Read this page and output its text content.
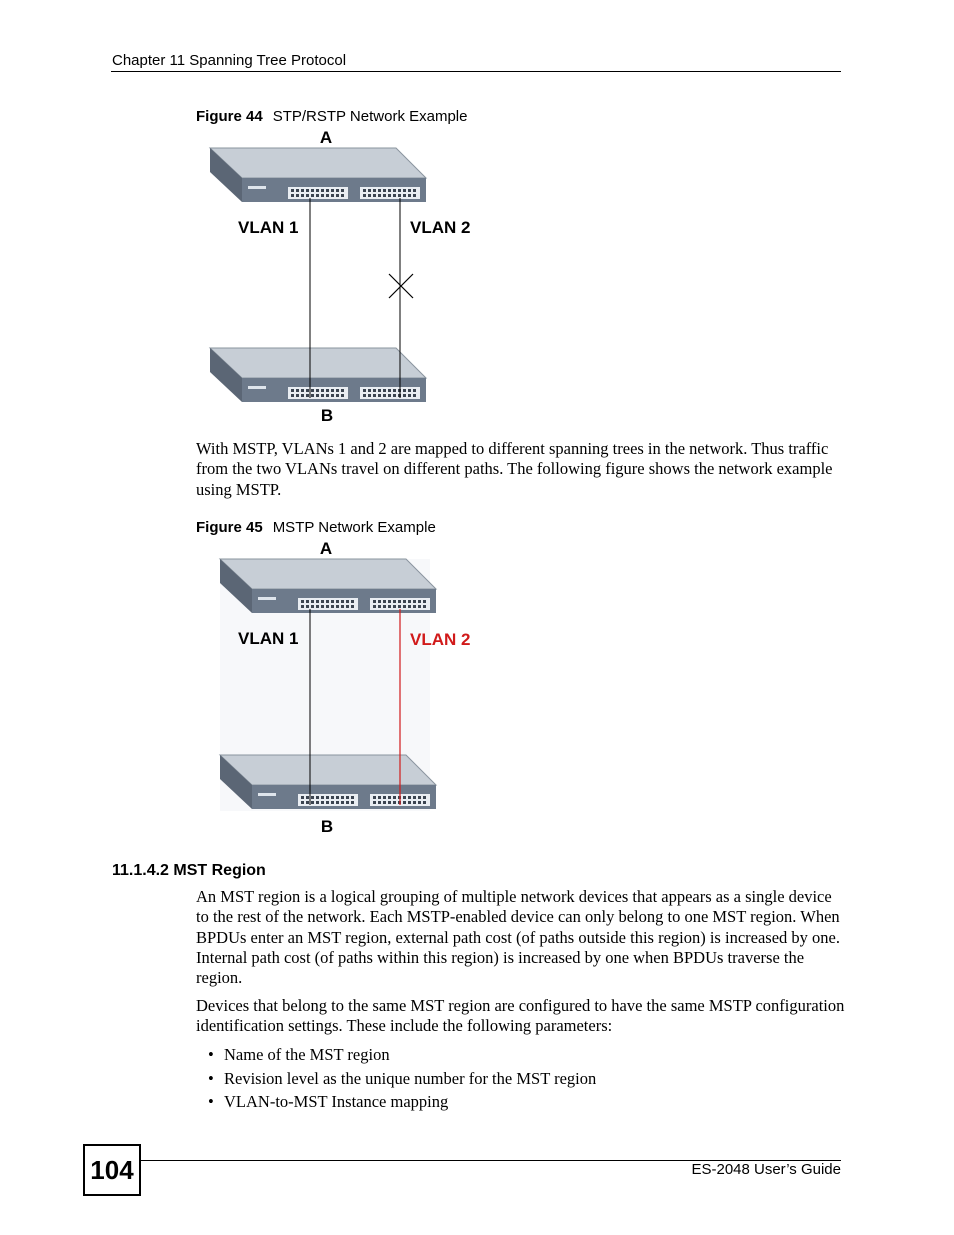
Chapter 11 Spanning Tree Protocol
Figure 44 STP/RSTP Network Example
A
B
VLAN 1	VLAN 2
With MSTP, VLANs 1 and 2 are mapped to different spanning trees in the network. Thus traffic from the two VLANs travel on different paths. The following figure shows the network example using MSTP.
Figure 45 MSTP Network Example
A
B
VLAN 1	VLAN 2
11.1.4.2 MST Region
An MST region is a logical grouping of multiple network devices that appears as a single device to the rest of the network. Each MSTP-enabled device can only belong to one MST region. When BPDUs enter an MST region, external path cost (of paths outside this region) is increased by one. Internal path cost (of paths within this region) is increased by one when BPDUs traverse the region.
Devices that belong to the same MST region are configured to have the same MSTP configuration identification settings. These include the following parameters:
• Name of the MST region
• Revision level as the unique number for the MST region
• VLAN-to-MST Instance mapping
104	ES-2048 User’s Guide
